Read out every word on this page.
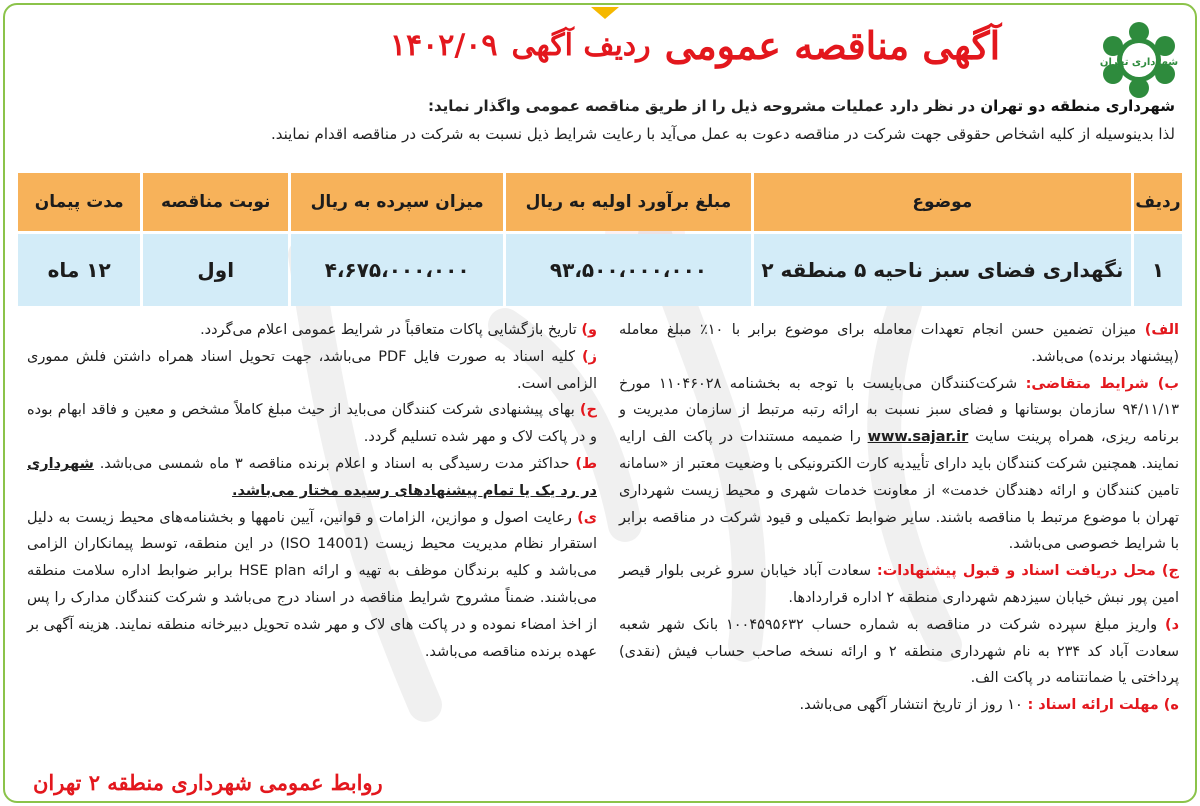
شهرداری تهران
آگهی مناقصه عمومی
ردیف آگهی
۱۴۰۲/۰۹
شهرداری منطقه دو تهران در نظر دارد عملیات مشروحه ذیل را از طریق مناقصه عمومی واگذار نماید:
لذا بدینوسیله از کلیه اشخاص حقوقی جهت شرکت در مناقصه دعوت به عمل می‌آید با رعایت شرایط ذیل نسبت به شرکت در مناقصه اقدام نمایند.
ردیف	موضوع	مبلغ برآورد اولیه به ریال	میزان سپرده به ریال	نوبت مناقصه	مدت پیمان
۱	نگهداری فضای سبز ناحیه ۵ منطقه ۲	۹۳،۵۰۰،۰۰۰،۰۰۰	۴،۶۷۵،۰۰۰،۰۰۰	اول	۱۲ ماه

الف) میزان تضمین حسن انجام تعهدات معامله برای موضوع برابر با ۱۰٪ مبلغ معامله (پیشنهاد برنده) می‌باشد.

ب) شرایط متقاضی: شرکت‌کنندگان می‌بایست با توجه به بخشنامه ۱۱۰۴۶۰۲۸ مورخ ۹۴/۱۱/۱۳ سازمان بوستانها و فضای سبز نسبت به ارائه رتبه مرتبط از سازمان مدیریت و برنامه ریزی، همراه پرینت سایت www.sajar.ir را ضمیمه مستندات در پاکت الف ارایه نمایند. همچنین شرکت کنندگان باید دارای تأییدیه کارت الکترونیکی با وضعیت معتبر از «سامانه تامین کنندگان و ارائه دهندگان خدمت» از معاونت خدمات شهری و محیط زیست شهرداری تهران با موضوع مرتبط با مناقصه باشند. سایر ضوابط تکمیلی و قیود شرکت در مناقصه برابر با شرایط خصوصی می‌باشد.

ج) محل دریافت اسناد و قبول پیشنهادات: سعادت آباد خیابان سرو غربی بلوار قیصر امین پور نبش خیابان سیزدهم شهرداری منطقه ۲ اداره قراردادها.

د) واریز مبلغ سپرده شرکت در مناقصه به شماره حساب ۱۰۰۴۵۹۵۶۳۲ بانک شهر شعبه سعادت آباد کد ۲۳۴ به نام شهرداری منطقه ۲ و ارائه نسخه صاحب حساب فیش (نقدی) پرداختی یا ضمانتنامه در پاکت الف.

ه) مهلت ارائه اسناد : ۱۰ روز از تاریخ انتشار آگهی می‌باشد.

و) تاریخ بازگشایی پاکات متعاقباً در شرایط عمومی اعلام می‌گردد.

ز) کلیه اسناد به صورت فایل PDF می‌باشد، جهت تحویل اسناد همراه داشتن فلش مموری الزامی است.

ح) بهای پیشنهادی شرکت کنندگان می‌باید از حیث مبلغ کاملاً مشخص و معین و فاقد ابهام بوده و در پاکت لاک و مهر شده تسلیم گردد.

ط) حداکثر مدت رسیدگی به اسناد و اعلام برنده مناقصه ۳ ماه شمسی می‌باشد. شهرداری در رد یک یا تمام پیشنهادهای رسیده مختار می‌باشد.

ی) رعایت اصول و موازین، الزامات و قوانین، آیین نامهها و بخشنامه‌های محیط زیست به دلیل استقرار نظام مدیریت محیط زیست (ISO 14001) در این منطقه، توسط پیمانکاران الزامی می‌باشد و کلیه برندگان موظف به تهیه و ارائه HSE plan برابر ضوابط اداره سلامت منطقه می‌باشند. ضمناً مشروح شرایط مناقصه در اسناد درج می‌باشد و شرکت کنندگان مدارک را پس از اخذ امضاء نموده و در پاکت های لاک و مهر شده تحویل دبیرخانه منطقه نمایند. هزینه آگهی بر عهده برنده مناقصه می‌باشد.

روابط عمومی شهرداری منطقه ۲ تهران
